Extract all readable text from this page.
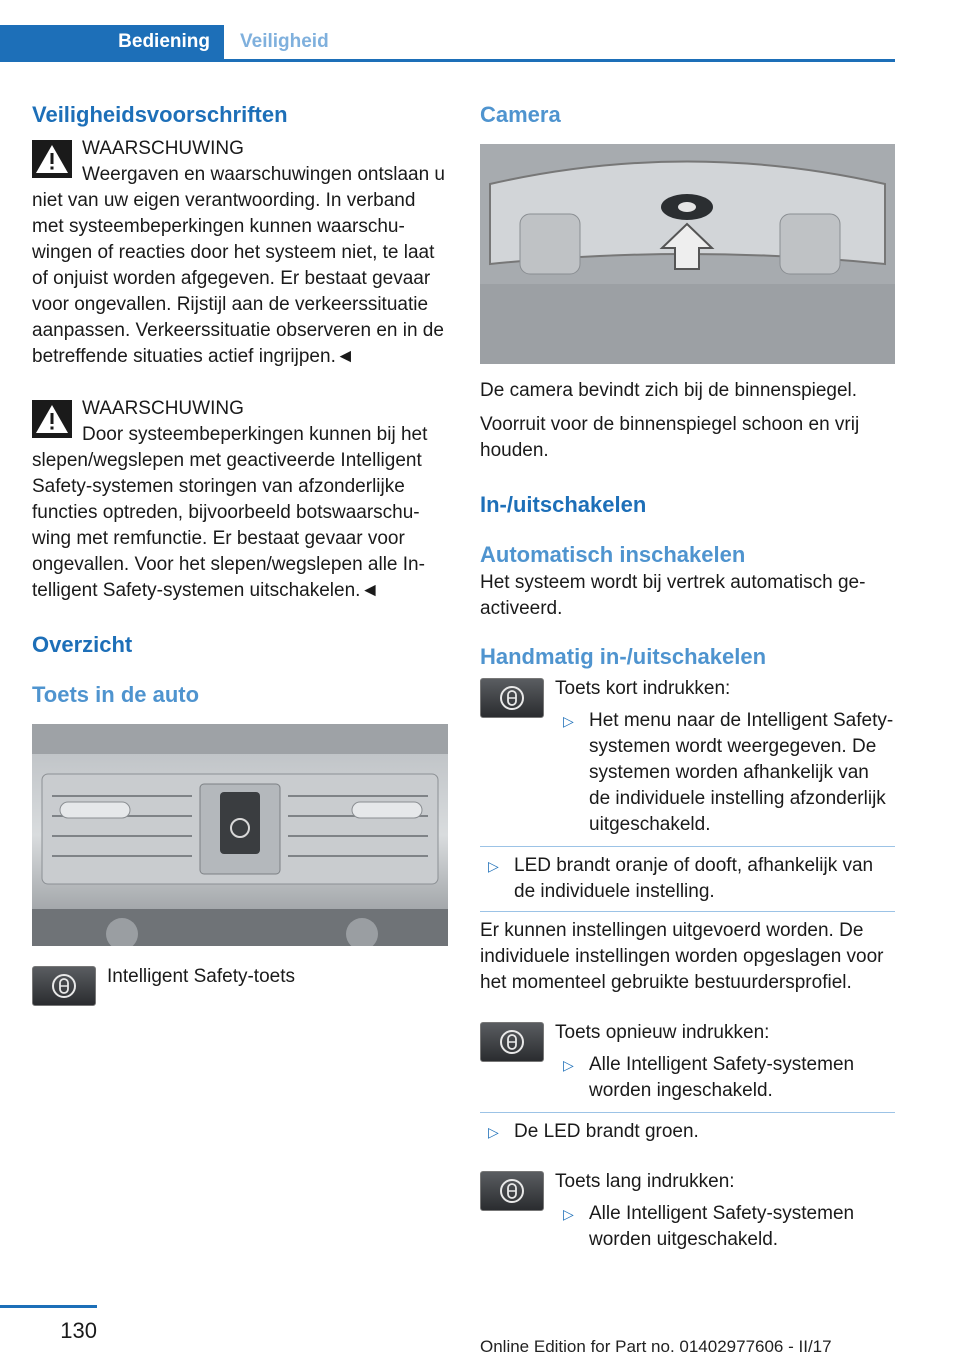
Bediening	Veiligheid
Veiligheidsvoorschriften
WAARSCHUWING

Weergaven en waarschuwingen ontslaan u niet van uw eigen verantwoording. In verband met systeembeperkingen kunnen waarschuwingen of reacties door het systeem niet, te laat of onjuist worden afgegeven. Er bestaat gevaar voor ongevallen. Rijstijl aan de verkeerssituatie aanpassen. Verkeerssituatie observeren en in de betreffende situaties actief ingrijpen.◄

WAARSCHUWING

Door systeembeperkingen kunnen bij het slepen/wegslepen met geactiveerde Intelligent Safety-systemen storingen van afzonderlijke functies optreden, bijvoorbeeld botswaarschuwing met remfunctie. Er bestaat gevaar voor ongevallen. Voor het slepen/wegslepen alle Intelligent Safety-systemen uitschakelen.◄

Overzicht
Toets in de auto
Intelligent Safety-toets
Camera

De camera bevindt zich bij de binnenspiegel.

Voorruit voor de binnenspiegel schoon en vrij houden.

In-/uitschakelen
Automatisch inschakelen

Het systeem wordt bij vertrek automatisch geactiveerd.

Handmatig in-/uitschakelen

Toets kort indrukken:

▷ Het menu naar de Intelligent Safety-systemen wordt weergegeven. De systemen worden afhankelijk van de individuele instelling afzonderlijk uitgeschakeld.
▷ LED brandt oranje of dooft, afhankelijk van de individuele instelling.

Er kunnen instellingen uitgevoerd worden. De individuele instellingen worden opgeslagen voor het momenteel gebruikte bestuurdersprofiel.

Toets opnieuw indrukken:

▷ Alle Intelligent Safety-systemen worden ingeschakeld.
▷ De LED brandt groen.

Toets lang indrukken:

▷ Alle Intelligent Safety-systemen worden uitgeschakeld.
130
Online Edition for Part no. 01402977606 - II/17
